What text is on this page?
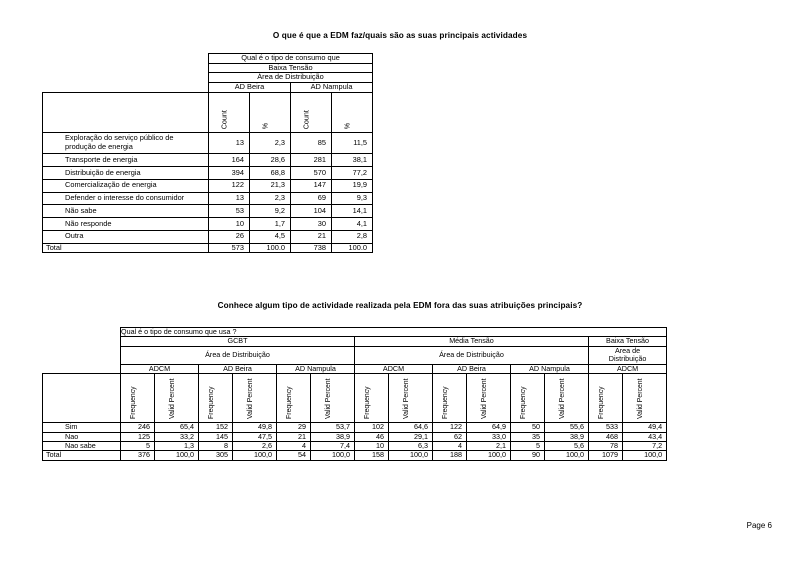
O que é que a EDM faz/quais são as suas principais actividades
	Qual é o tipo de consumo que			
	Baixa Tensão			
	Área de Distribuição			
	AD Beira		AD Nampula	

	Count	%	Count	%

Exploração do serviço público de produção de energia	13	2,3	85	11,5
Transporte de energia	164	28,6	281	38,1
Distribuição de energia	394	68,8	570	77,2
Comercialização de energia	122	21,3	147	19,9
Defender o interesse do consumidor	13	2,3	69	9,3
Não sabe	53	9,2	104	14,1
Não responde	10	1,7	30	4,1
Outra	26	4,5	21	2,8
Total	573	100.0	738	100.0
Conhece algum tipo de actividade realizada pela EDM fora das suas atribuições principais?
	Qual é o tipo de consumo que usa ?													
	GCBT						Média Tensão						Baixa Tensão	
	Área de Distribuição						Área de Distribuição						Area de
Distribuição	

	ADCM		AD Beira		AD Nampula		ADCM		AD Beira		AD Nampula		ADCM	

	Frequency	Valid Percent	Frequency	Valid Percent	Frequency	Valid Percent	Frequency	Valid Percent	Frequency	Valid Percent	Frequency	Valid Percent	Frequency	Valid Percent

Sim	246	65,4	152	49,8	29	53,7	102	64,6	122	64,9	50	55,6	533	49,4
Nao	125	33,2	145	47,5	21	38,9	46	29,1	62	33,0	35	38,9	468	43,4
Nao sabe	5	1,3	8	2,6	4	7,4	10	6,3	4	2,1	5	5,6	78	7,2
Total	376	100,0	305	100,0	54	100,0	158	100,0	188	100,0	90	100,0	1079	100,0
Page 6
